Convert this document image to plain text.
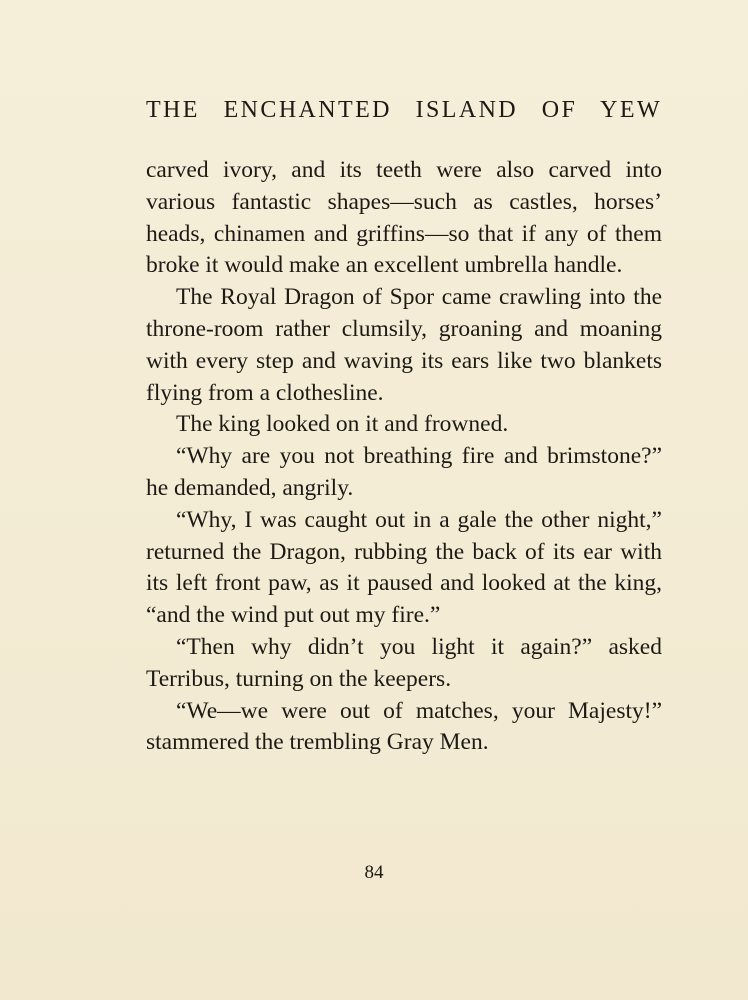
THE ENCHANTED ISLAND OF YEW

carved ivory, and its teeth were also carved into various fantastic shapes—such as castles, horses’ heads, chinamen and griffins—so that if any of them broke it would make an excellent umbrella handle.

The Royal Dragon of Spor came crawling into the throne-room rather clumsily, groaning and moaning with every step and waving its ears like two blankets flying from a clothesline.

The king looked on it and frowned.

“Why are you not breathing fire and brimstone?” he demanded, angrily.

“Why, I was caught out in a gale the other night,” returned the Dragon, rubbing the back of its ear with its left front paw, as it paused and looked at the king, “and the wind put out my fire.”

“Then why didn’t you light it again?” asked Terribus, turning on the keepers.

“We—we were out of matches, your Majesty!” stammered the trembling Gray Men.

84
